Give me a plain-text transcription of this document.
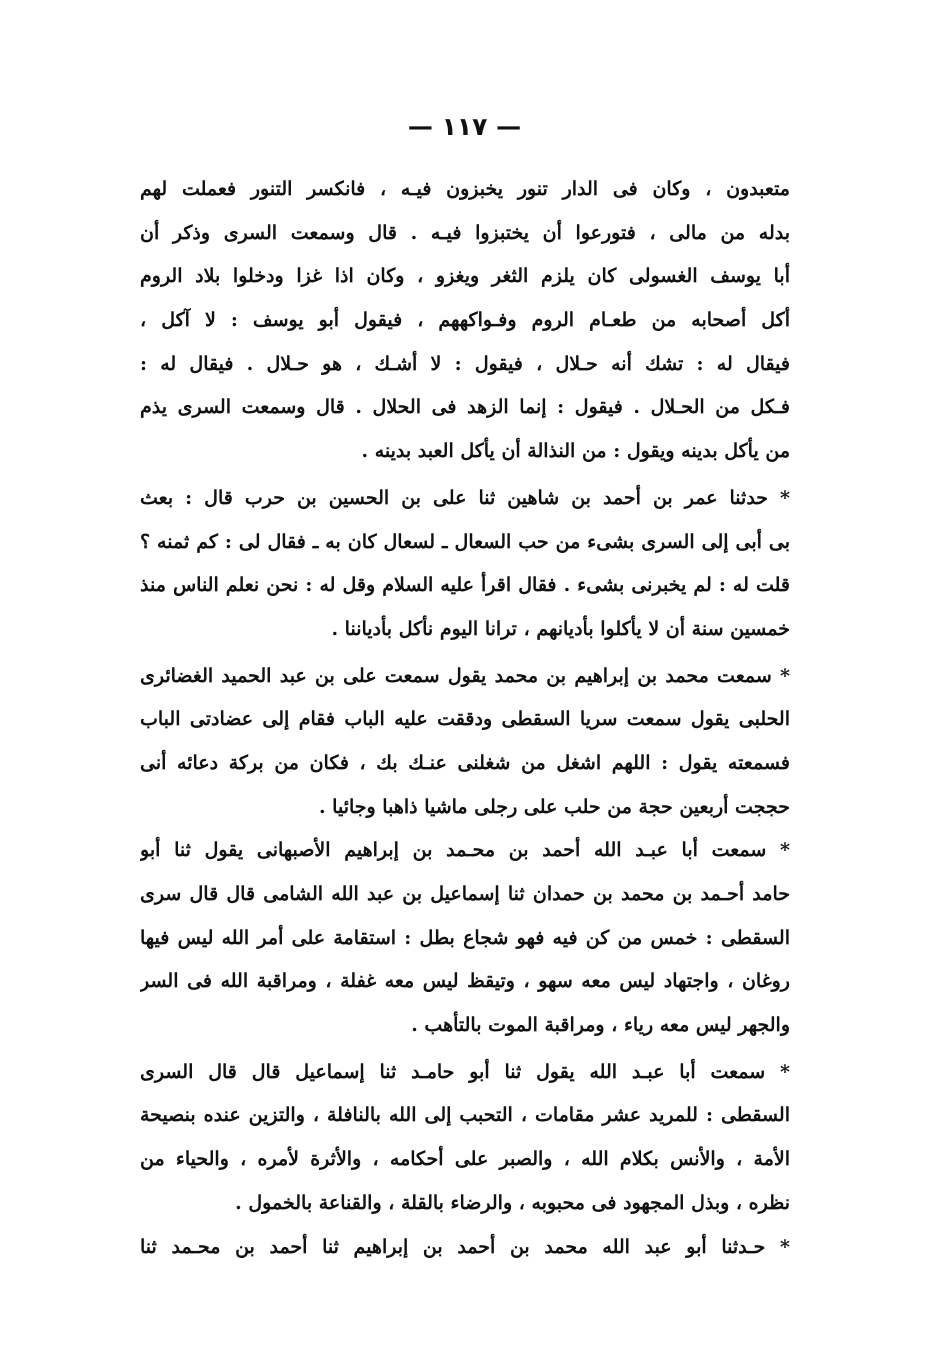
— ١١٧ —
متعبدون ، وكان فى الدار تنور يخبزون فيـه ، فانكسر التنور فعملت لهم
بدله من مالى ، فتورعوا أن يختبزوا فيـه . قال وسمعت السرى وذكر أن
أبا يوسف الغسولى كان يلزم الثغر ويغزو ، وكان اذا غزا ودخلوا بلاد الروم
أكل أصحابه من طعـام الروم وفـواكههم ، فيقول أبو يوسف : لا آكل ،
فيقال له : تشك أنه حـلال ، فيقول : لا أشـك ، هو حـلال . فيقال له :
فـكل من الحـلال . فيقول : إنما الزهد فى الحلال . قال وسمعت السرى يذم
من يأكل بدينه ويقول : من النذالة أن يأكل العبد بدينه .
* حدثنا عمر بن أحمد بن شاهين ثنا على بن الحسين بن حرب قال : بعث
بى أبى إلى السرى بشىء من حب السعال ـ لسعال كان به ـ فقال لى : كم ثمنه ؟
قلت له : لم يخبرنى بشىء . فقال اقرأ عليه السلام وقل له : نحن نعلم الناس منذ
خمسين سنة أن لا يأكلوا بأديانهم ، ترانا اليوم نأكل بأدياننا .
* سمعت محمد بن إبراهيم بن محمد يقول سمعت على بن عبد الحميد الغضائرى
الحلبى يقول سمعت سريا السقطى ودققت عليه الباب فقام إلى عضادتى الباب
فسمعته يقول : اللهم اشغل من شغلنى عنـك بك ، فكان من بركة دعائه أنى
حججت أربعين حجة من حلب على رجلى ماشيا ذاهبا وجائيا .
* سمعت أبا عبـد الله أحمد بن محـمد بن إبراهيم الأصبهانى يقول ثنا أبو
حامد أحـمد بن محمد بن حمدان ثنا إسماعيل بن عبد الله الشامى قال قال سرى
السقطى : خمس من كن فيه فهو شجاع بطل : استقامة على أمر الله ليس فيها
روغان ، واجتهاد ليس معه سهو ، وتيقظ ليس معه غفلة ، ومراقبة الله فى السر
والجهر ليس معه رياء ، ومراقبة الموت بالتأهب .
* سمعت أبا عبـد الله يقول ثنا أبو حامـد ثنا إسماعيل قال قال السرى
السقطى : للمريد عشر مقامات ، التحبب إلى الله بالنافلة ، والتزين عنده بنصيحة
الأمة ، والأنس بكلام الله ، والصبر على أحكامه ، والأثرة لأمره ، والحياء من
نظره ، وبذل المجهود فى محبوبه ، والرضاء بالقلة ، والقناعة بالخمول .
* حـدثنا أبو عبد الله محمد بن أحمد بن إبراهيم ثنا أحمد بن محـمد ثنا
